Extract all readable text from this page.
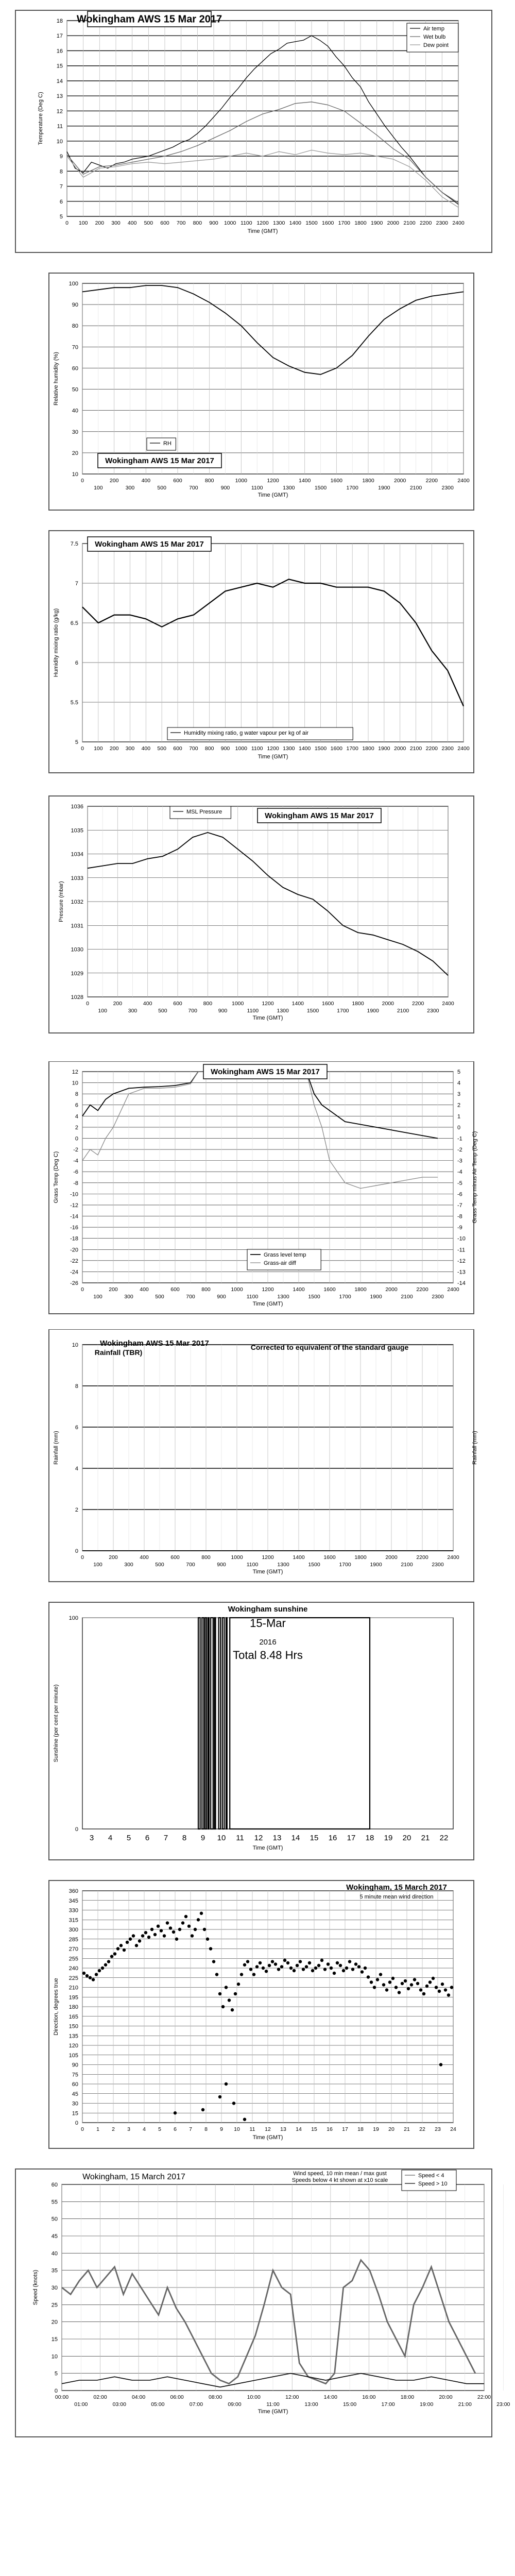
5
6
7
8
9
10
11
12
13
14
15
16
17
18
0 100 200 300 400 500 600 700 800 900 1000 1100 1200 1300 1400 1500 1600 1700 1800 1900 2000 2100 2200 2300 2400
Time (GMT)
Temperature (Deg C)
Wokingham AWS 15 Mar 2017
Air temp
Wet bulb
Dew point
10
20
30
40
50
60
70
80
90
100
0	200	400	600	800	1000	1200	1400	1600	1800	2000	2200	2400
100	300	500	700	900	1100	1300	1500	1700	1900	2100	2300
Time (GMT)
Relative humidity (%)
RH
Wokingham AWS 15 Mar 2017
5
5.5
6
6.5
7
7.5
0 100 200 300 400 500 600 700 800 900 1000 1100 1200 1300 1400 1500 1600 1700 1800 1900 2000 2100 2200 2300 2400
Time (GMT)
Humidity mixing ratio (g/kg)
Wokingham AWS 15 Mar 2017
Humidity mixing ratio, g water vapour per kg of air
1028
1029
1030
1031
1032
1033
1034
1035
1036
0	200	400	600	800	1000	1200	1400	1600	1800	2000	2200	2400
100	300	500	700	900	1100	1300	1500	1700	1900	2100	2300
Time (GMT)
Pressure (mbar)
MSL Pressure	Wokingham AWS 15 Mar 2017
-26
-24
-22
-20
-18
-16
-14
-12
-10
-8
-6
-4
-2
0
2
4
6
8
10
12
-14
-13
-12
-11
-10
-9
-8
-7
-6
-5
-4
-3
-2
-1
0
1
2
3
4
5
0	200	400	600	800	1000	1200	1400	1600	1800	2000	2200	2400
100	300	500	700	900	1100	1300	1500	1700	1900	2100	2300
Time (GMT)
Grass Temp (Deg C)	Grass Temp minus Air Temp (Deg C)
Wokingham AWS 15 Mar 2017
Grass level temp
Grass-air diff
0
2
4
6
8
10
0	200	400	600	800	1000	1200	1400	1600	1800	2000	2200	2400
100	300	500	700	900	1100	1300	1500	1700	1900	2100	2300
Time (GMT)
Rainfall (mm)	Rainfall (mm)
Wokingham AWS 15 Mar 2017
Rainfall (TBR)
Corrected to equivalent of the standard gauge
100
0
3 4 5 6 7 8 9 10 11 12 13 14 15 16 17 18 19 20 21 22
Time (GMT)
Sunshine (per cent per minute)
Wokingham sunshine
15-Mar
2016
Total 8.48 Hrs
0
15
30
45
60
75
90
105
120
135
150
165
180
195
210
225
240
255
270
285
300
315
330
345
360
0 1 2 3 4 5 6 7 8 9 10 11 12 13 14 15 16 17 18 19 20 21 22 23 24
Time (GMT)
Direction, degrees true
Wokingham, 15 March 2017
5 minute mean wind direction
0
5
10
15
20
25
30
35
40
45
50
55
60
00:00	02:00	04:00	06:00	08:00	10:00	12:00	14:00	16:00	18:00	20:00	22:00
01:00	03:00	05:00	07:00	09:00	11:00	13:00	15:00	17:00	19:00	21:00	23:00
Time (GMT)
Speed (knots)
Wokingham, 15 March 2017	Wind speed, 10 min mean / max gust
Speeds below 4 kt shown at x10 scale
Speed < 4
Speed > 10
